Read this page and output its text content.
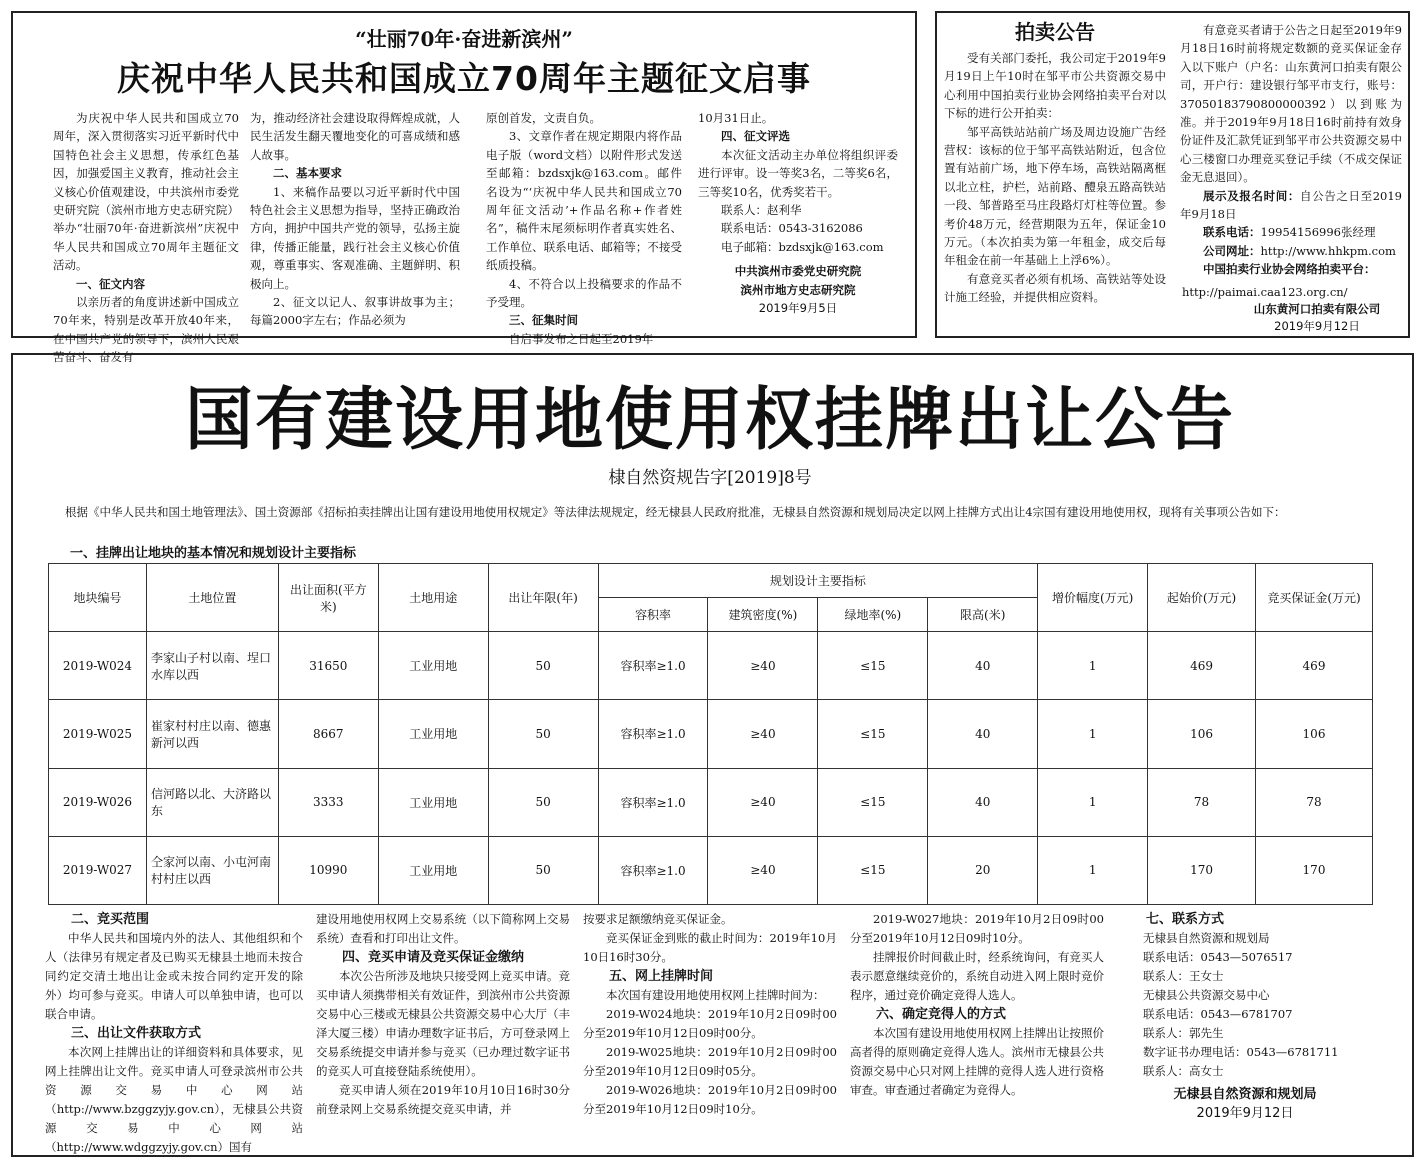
“壮丽70年·奋进新滨州”
庆祝中华人民共和国成立70周年主题征文启事

为庆祝中华人民共和国成立70周年，深入贯彻落实习近平新时代中国特色社会主义思想，传承红色基因，加强爱国主义教育，推动社会主义核心价值观建设，中共滨州市委党史研究院（滨州市地方史志研究院）举办“壮丽70年·奋进新滨州”庆祝中华人民共和国成立70周年主题征文活动。

一、征文内容

以亲历者的角度讲述新中国成立70年来，特别是改革开放40年来，在中国共产党的领导下，滨州人民艰苦奋斗、奋发有

为，推动经济社会建设取得辉煌成就，人民生活发生翻天覆地变化的可喜成绩和感人故事。

二、基本要求

1、来稿作品要以习近平新时代中国特色社会主义思想为指导，坚持正确政治方向，拥护中国共产党的领导，弘扬主旋律，传播正能量，践行社会主义核心价值观，尊重事实、客观准确、主题鲜明、积极向上。

2、征文以记人、叙事讲故事为主；每篇2000字左右；作品必须为

原创首发，文责自负。

3、文章作者在规定期限内将作品电子版（word文档）以附件形式发送至邮箱：bzdsxjk@163.com。邮件名设为“‘庆祝中华人民共和国成立70周年征文活动’+作品名称+作者姓名”，稿件末尾须标明作者真实姓名、工作单位、联系电话、邮箱等；不接受纸质投稿。

4、不符合以上投稿要求的作品不予受理。

三、征集时间

自启事发布之日起至2019年

10月31日止。

四、征文评选

本次征文活动主办单位将组织评委进行评审。设一等奖3名，二等奖6名，三等奖10名，优秀奖若干。

联系人：赵利华

联系电话：0543-3162086

电子邮箱：bzdsxjk@163.com

中共滨州市委党史研究院

滨州市地方史志研究院

2019年9月5日

拍卖公告

受有关部门委托，我公司定于2019年9月19日上午10时在邹平市公共资源交易中心利用中国拍卖行业协会网络拍卖平台对以下标的进行公开拍卖：

邹平高铁站站前广场及周边设施广告经营权：该标的位于邹平高铁站附近，包含位置有站前广场，地下停车场，高铁站隔离框以北立柱，护栏，站前路、醴泉五路高铁站一段、邹普路至马庄段路灯灯柱等位置。参考价48万元，经营期限为五年，保证金10万元。（本次拍卖为第一年租金，成交后每年租金在前一年基础上上浮6%）。

有意竞买者必须有机场、高铁站等处设计施工经验，并提供相应资料。

有意竞买者请于公告之日起至2019年9月18日16时前将规定数额的竞买保证金存入以下账户（户名：山东黄河口拍卖有限公司，开户行：建设银行邹平市支行，账号：37050183790800000392）以到账为准。并于2019年9月18日16时前持有效身份证件及汇款凭证到邹平市公共资源交易中心三楼窗口办理竞买登记手续（不成交保证金无息退回）。

展示及报名时间：自公告之日至2019年9月18日

联系电话：19954156996张经理

公司网址：http://www.hhkpm.com

中国拍卖行业协会网络拍卖平台：

http://paimai.caa123.org.cn/
山东黄河口拍卖有限公司
2019年9月12日
国有建设用地使用权挂牌出让公告
棣自然资规告字[2019]8号
根据《中华人民共和国土地管理法》、国土资源部《招标拍卖挂牌出让国有建设用地使用权规定》等法律法规规定，经无棣县人民政府批准，无棣县自然资源和规划局决定以网上挂牌方式出让4宗国有建设用地使用权，现将有关事项公告如下：
一、挂牌出让地块的基本情况和规划设计主要指标
地块编号	土地位置	出让面积(平方米)	土地用途	出让年限(年)	规划设计主要指标				增价幅度(万元)	起始价(万元)	竞买保证金(万元)
					容积率	建筑密度(%)	绿地率(%)	限高(米)			
2019-W024	李家山子村以南、埕口水库以西	31650	工业用地	50	容积率≥1.0	≥40	≤15	40	1	469	469
2019-W025	崔家村村庄以南、德惠新河以西	8667	工业用地	50	容积率≥1.0	≥40	≤15	40	1	106	106
2019-W026	信河路以北、大济路以东	3333	工业用地	50	容积率≥1.0	≥40	≤15	40	1	78	78
2019-W027	仝家河以南、小屯河南村村庄以西	10990	工业用地	50	容积率≥1.0	≥40	≤15	20	1	170	170

二、竞买范围

中华人民共和国境内外的法人、其他组织和个人（法律另有规定者及已购买无棣县土地而未按合同约定交清土地出让金或未按合同约定开发的除外）均可参与竞买。申请人可以单独申请，也可以联合申请。

三、出让文件获取方式

本次网上挂牌出让的详细资料和具体要求，见网上挂牌出让文件。竞买申请人可登录滨州市公共资源交易中心网站（http://www.bzggzyjy.gov.cn），无棣县公共资源交易中心网站（http://www.wdggzyjy.gov.cn）国有

建设用地使用权网上交易系统（以下简称网上交易系统）查看和打印出让文件。

四、竞买申请及竞买保证金缴纳

本次公告所涉及地块只接受网上竞买申请。竞买申请人须携带相关有效证件，到滨州市公共资源交易中心三楼或无棣县公共资源交易中心大厅（丰泽大厦三楼）申请办理数字证书后，方可登录网上交易系统提交申请并参与竞买（已办理过数字证书的竞买人可直接登陆系统使用）。

竞买申请人须在2019年10月10日16时30分前登录网上交易系统提交竞买申请，并

按要求足额缴纳竞买保证金。

竞买保证金到账的截止时间为：2019年10月10日16时30分。

五、网上挂牌时间

本次国有建设用地使用权网上挂牌时间为：

2019-W024地块：2019年10月2日09时00分至2019年10月12日09时00分。

2019-W025地块：2019年10月2日09时00分至2019年10月12日09时05分。

2019-W026地块：2019年10月2日09时00分至2019年10月12日09时10分。

2019-W027地块：2019年10月2日09时00分至2019年10月12日09时10分。

挂牌报价时间截止时，经系统询问，有竞买人表示愿意继续竞价的，系统自动进入网上限时竞价程序，通过竞价确定竞得人选人。

六、确定竞得人的方式

本次国有建设用地使用权网上挂牌出让按照价高者得的原则确定竞得人选人。滨州市无棣县公共资源交易中心只对网上挂牌的竞得人选人进行资格审查。审查通过者确定为竞得人。

七、联系方式

无棣县自然资源和规划局

联系电话：0543—5076517

联系人：王女士

无棣县公共资源交易中心

联系电话：0543—6781707

联系人：郭先生

数字证书办理电话：0543—6781711

联系人：高女士

无棣县自然资源和规划局

2019年9月12日
